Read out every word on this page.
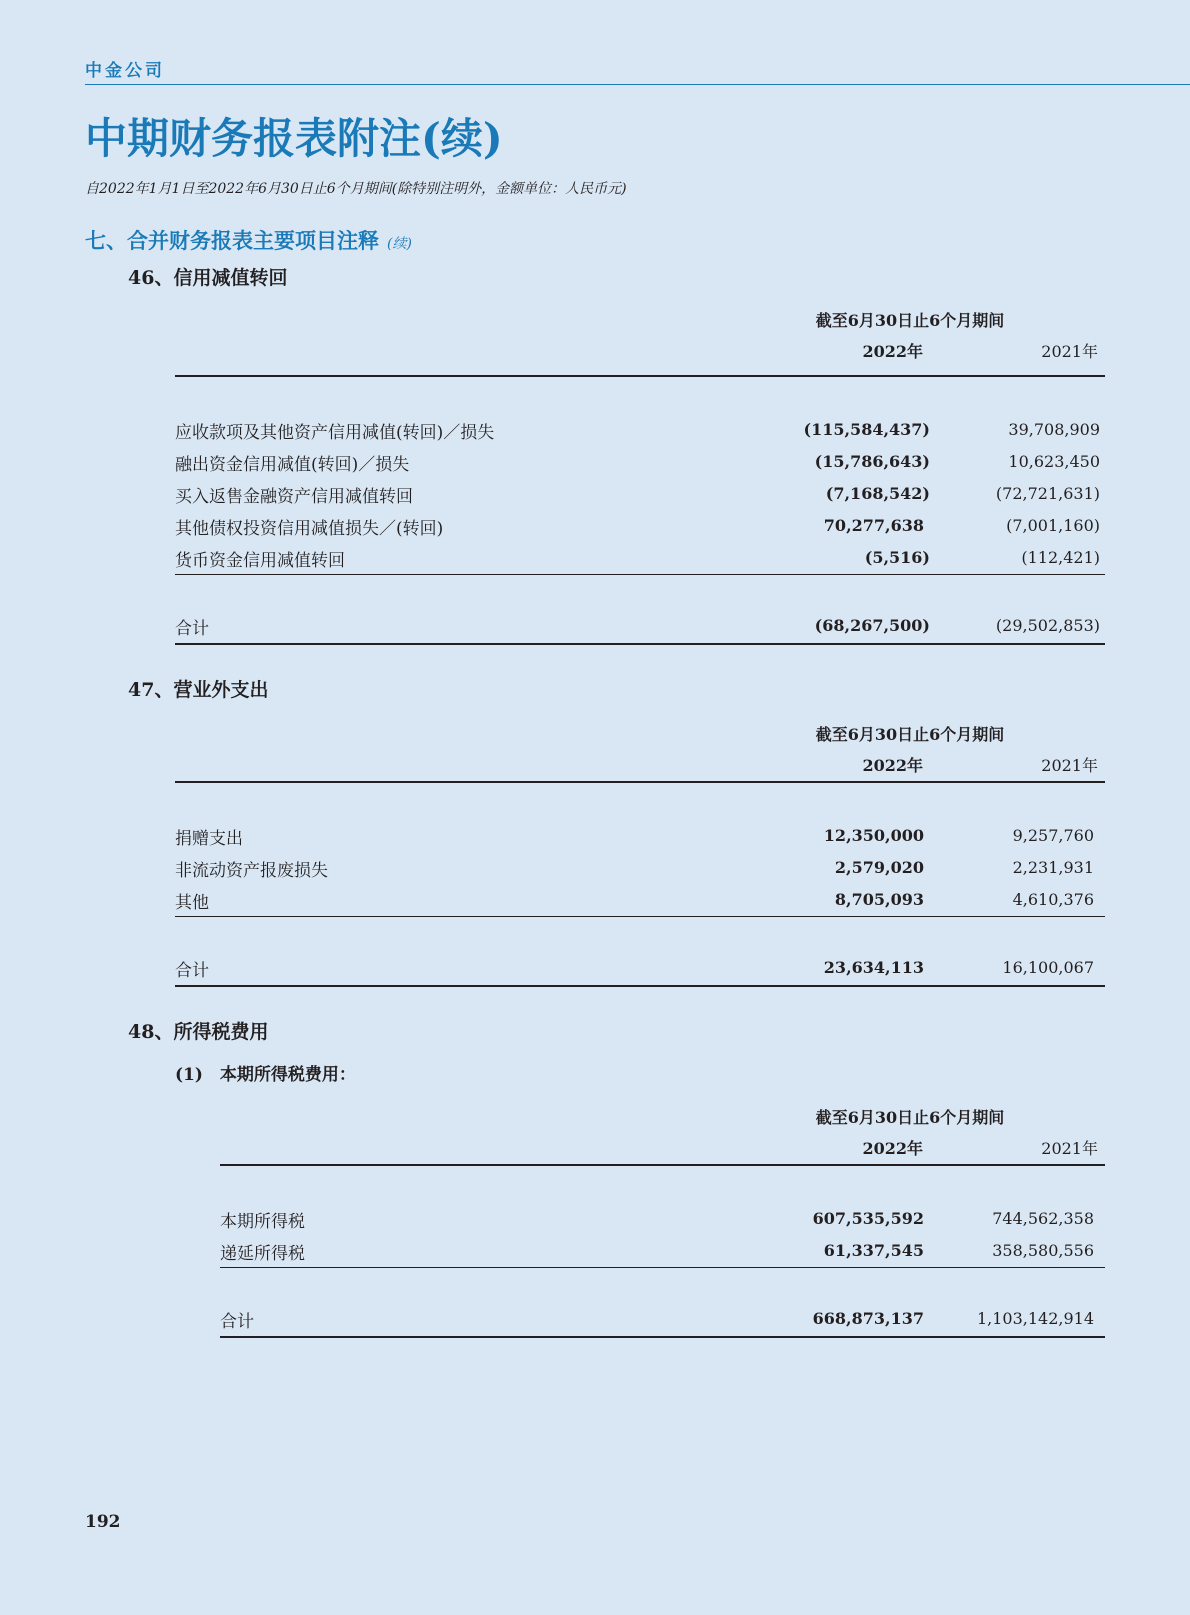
中金公司
中期财务报表附注(续)
自2022年1月1日至2022年6月30日止6个月期间(除特别注明外，金额单位：人民币元)
七、合并财务报表主要项目注释 (续)
46、信用减值转回
截至6月30日止6个月期间
2022年	2021年
应收款项及其他资产信用减值(转回)／损失	(115,584,437)	39,708,909
融出资金信用减值(转回)／损失	(15,786,643)	10,623,450
买入返售金融资产信用减值转回	(7,168,542)	(72,721,631)
其他债权投资信用减值损失／(转回)	70,277,638	(7,001,160)
货币资金信用减值转回	(5,516)	(112,421)
合计	(68,267,500)	(29,502,853)
47、营业外支出
截至6月30日止6个月期间
2022年	2021年
捐赠支出	12,350,000	9,257,760
非流动资产报废损失	2,579,020	2,231,931
其他	8,705,093	4,610,376
合计	23,634,113	16,100,067
48、所得税费用
(1)　本期所得税费用：
截至6月30日止6个月期间
2022年	2021年
本期所得税	607,535,592	744,562,358
递延所得税	61,337,545	358,580,556
合计	668,873,137	1,103,142,914
192
